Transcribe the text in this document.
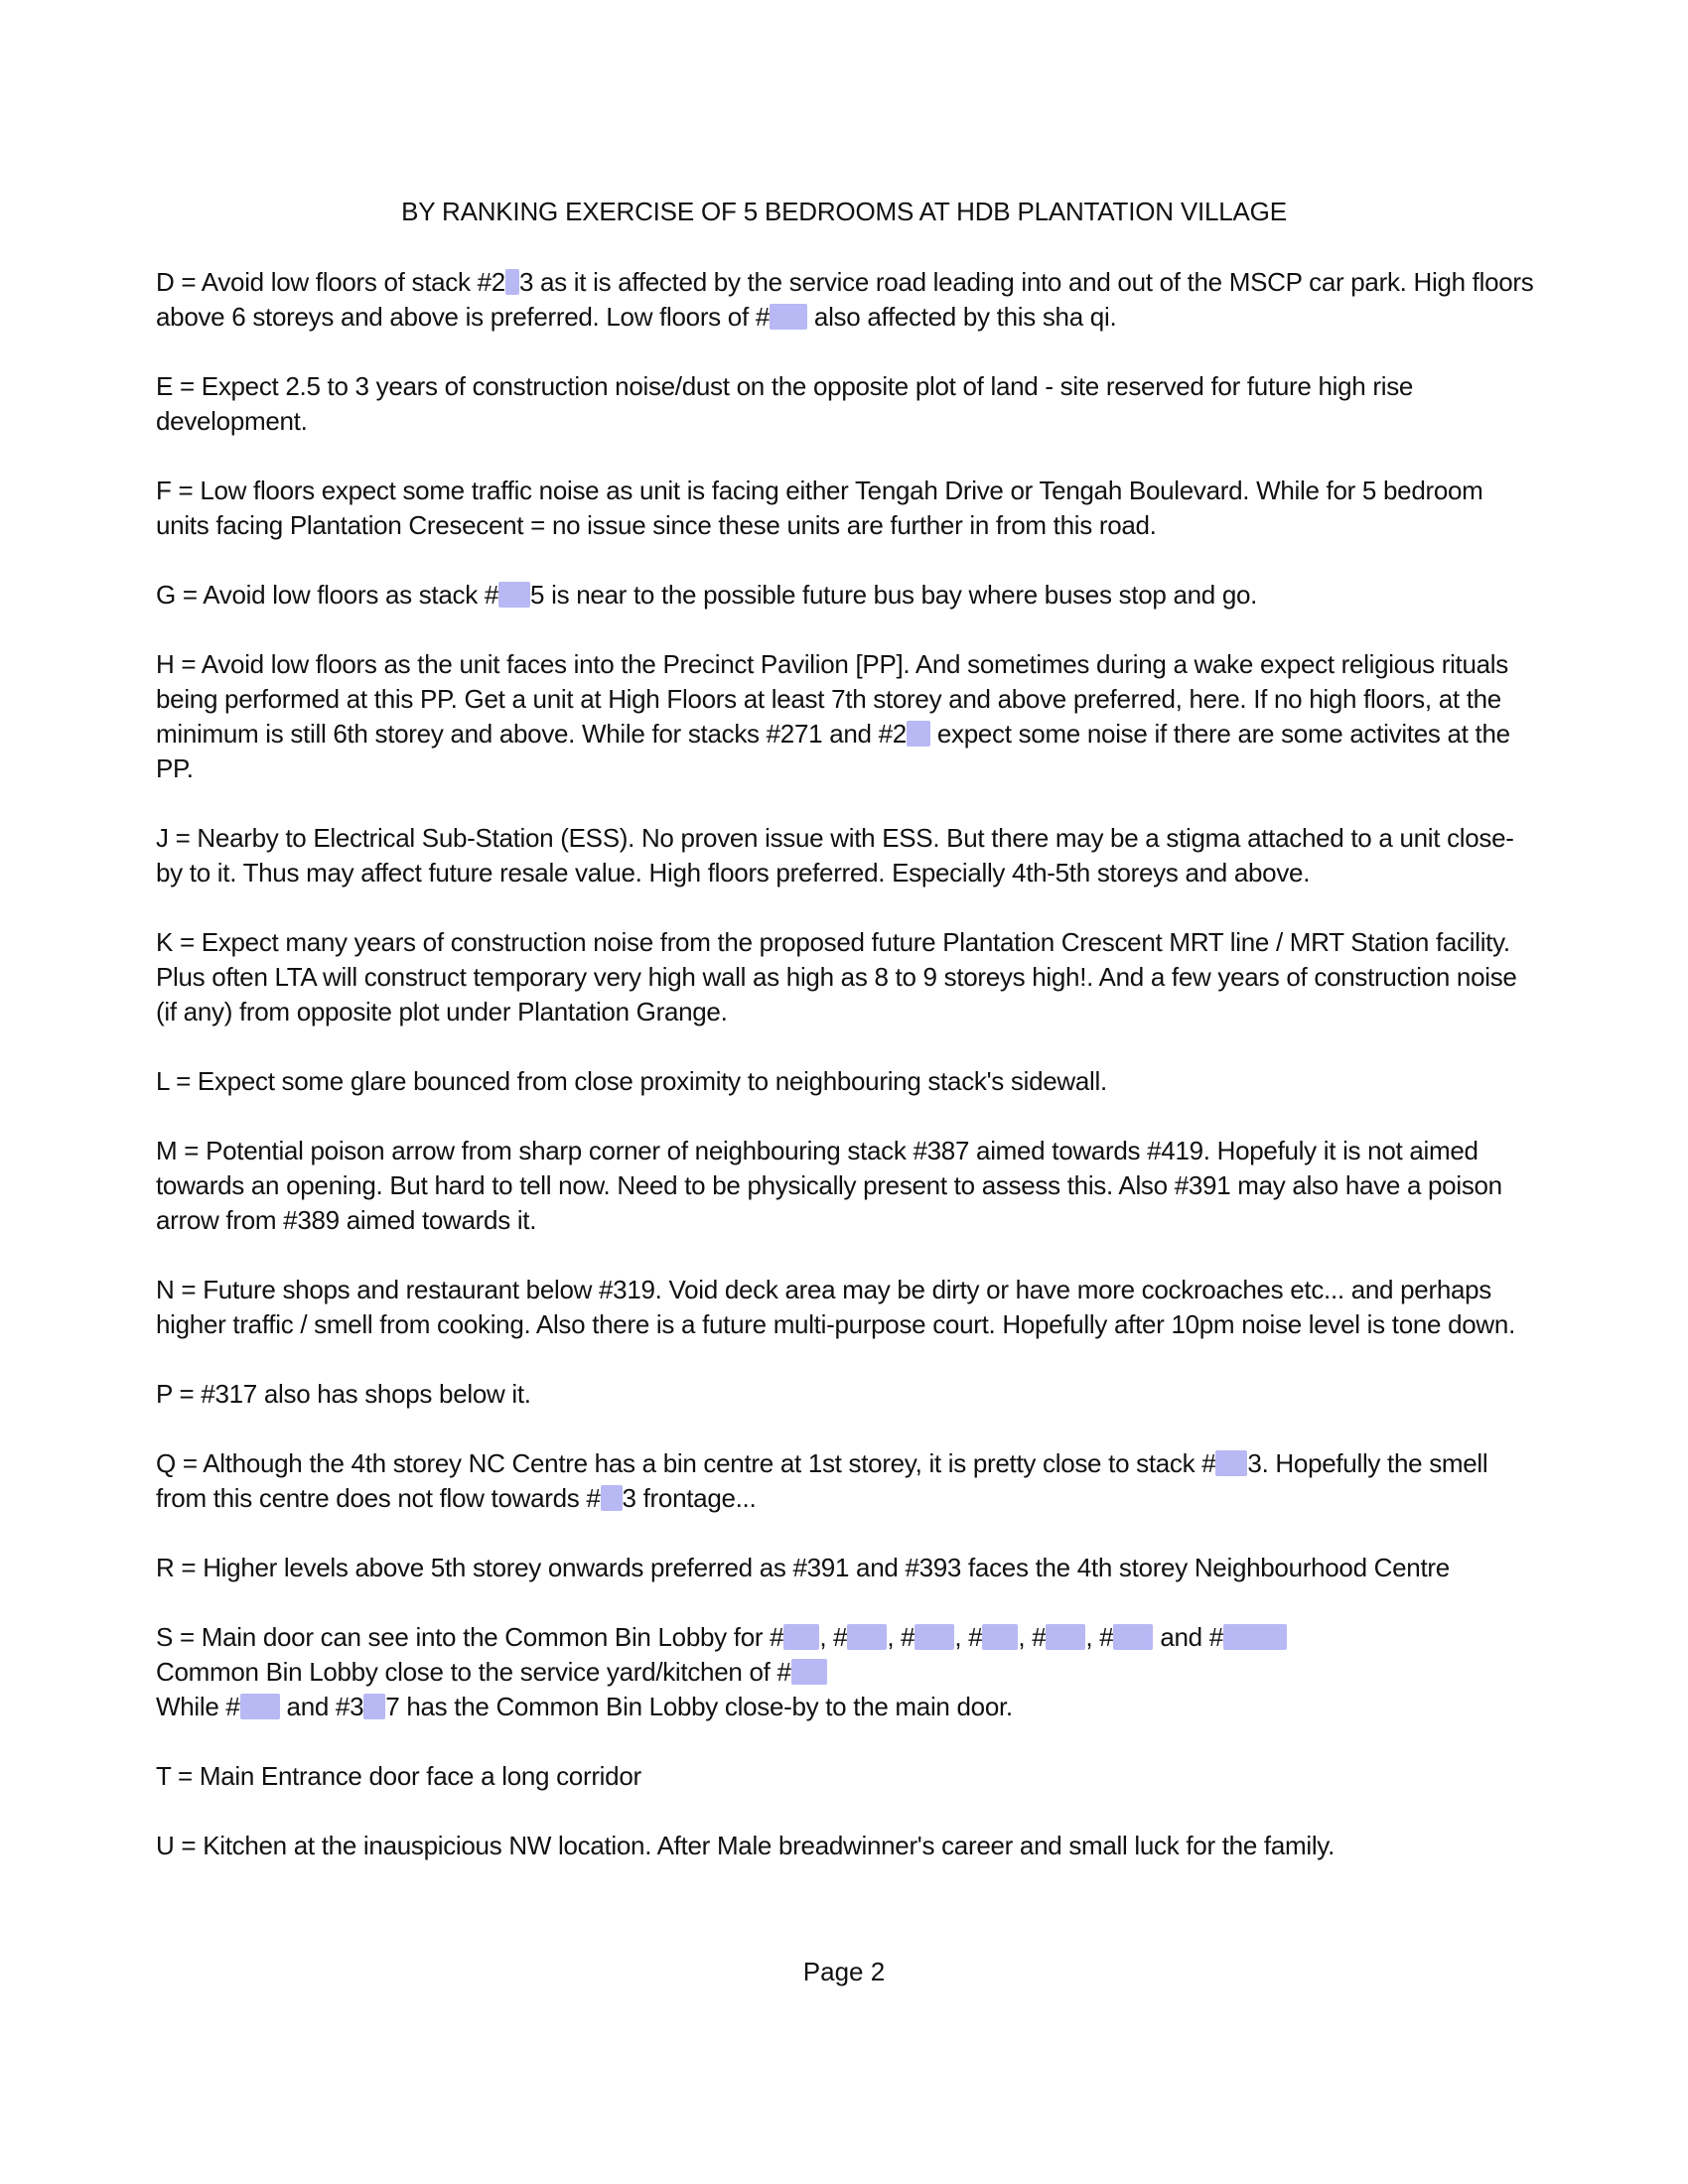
BY RANKING EXERCISE OF 5 BEDROOMS AT HDB PLANTATION VILLAGE

D = Avoid low floors of stack #2 3 as it is affected by the service road leading into and out of the MSCP car park. High floors above 6 storeys and above is preferred. Low floors of # also affected by this sha qi.

E = Expect 2.5 to 3 years of construction noise/dust on the opposite plot of land - site reserved for future high rise development.

F = Low floors expect some traffic noise as unit is facing either Tengah Drive or Tengah Boulevard. While for 5 bedroom units facing Plantation Cresecent = no issue since these units are further in from this road.

G = Avoid low floors as stack # 5 is near to the possible future bus bay where buses stop and go.

H = Avoid low floors as the unit faces into the Precinct Pavilion [PP]. And sometimes during a wake expect religious rituals being performed at this PP. Get a unit at High Floors at least 7th storey and above preferred, here. If no high floors, at the minimum is still 6th storey and above. While for stacks #271 and #2 expect some noise if there are some activites at the PP.

J = Nearby to Electrical Sub-Station (ESS). No proven issue with ESS. But there may be a stigma attached to a unit close-by to it. Thus may affect future resale value. High floors preferred. Especially 4th-5th storeys and above.

K = Expect many years of construction noise from the proposed future Plantation Crescent MRT line / MRT Station facility. Plus often LTA will construct temporary very high wall as high as 8 to 9 storeys high!. And a few years of construction noise (if any) from opposite plot under Plantation Grange.

L = Expect some glare bounced from close proximity to neighbouring stack's sidewall.

M = Potential poison arrow from sharp corner of neighbouring stack #387 aimed towards #419. Hopefuly it is not aimed towards an opening. But hard to tell now. Need to be physically present to assess this. Also #391 may also have a poison arrow from #389 aimed towards it.

N = Future shops and restaurant below #319. Void deck area may be dirty or have more cockroaches etc... and perhaps higher traffic / smell from cooking. Also there is a future multi-purpose court. Hopefully after 10pm noise level is tone down.

P = #317 also has shops below it.

Q = Although the 4th storey NC Centre has a bin centre at 1st storey, it is pretty close to stack # 3. Hopefully the smell from this centre does not flow towards # 3 frontage...

R = Higher levels above 5th storey onwards preferred as #391 and #393 faces the 4th storey Neighbourhood Centre

S = Main door can see into the Common Bin Lobby for # , # , # , # , # , # and #
Common Bin Lobby close to the service yard/kitchen of #
While # and #3 7 has the Common Bin Lobby close-by to the main door.

T = Main Entrance door face a long corridor

U = Kitchen at the inauspicious NW location. After Male breadwinner's career and small luck for the family.

Page 2
